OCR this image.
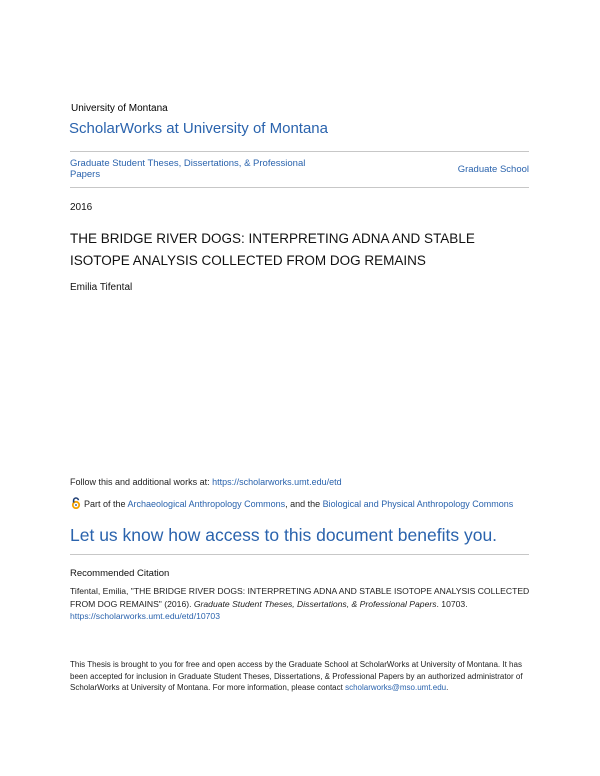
University of Montana
ScholarWorks at University of Montana
Graduate Student Theses, Dissertations, & Professional Papers	Graduate School
2016
THE BRIDGE RIVER DOGS: INTERPRETING ADNA AND STABLE ISOTOPE ANALYSIS COLLECTED FROM DOG REMAINS
Emilia Tifental
Follow this and additional works at: https://scholarworks.umt.edu/etd
Part of the Archaeological Anthropology Commons, and the Biological and Physical Anthropology Commons
Let us know how access to this document benefits you.
Recommended Citation
Tifental, Emilia, "THE BRIDGE RIVER DOGS: INTERPRETING ADNA AND STABLE ISOTOPE ANALYSIS COLLECTED FROM DOG REMAINS" (2016). Graduate Student Theses, Dissertations, & Professional Papers. 10703.
https://scholarworks.umt.edu/etd/10703
This Thesis is brought to you for free and open access by the Graduate School at ScholarWorks at University of Montana. It has been accepted for inclusion in Graduate Student Theses, Dissertations, & Professional Papers by an authorized administrator of ScholarWorks at University of Montana. For more information, please contact scholarworks@mso.umt.edu.
